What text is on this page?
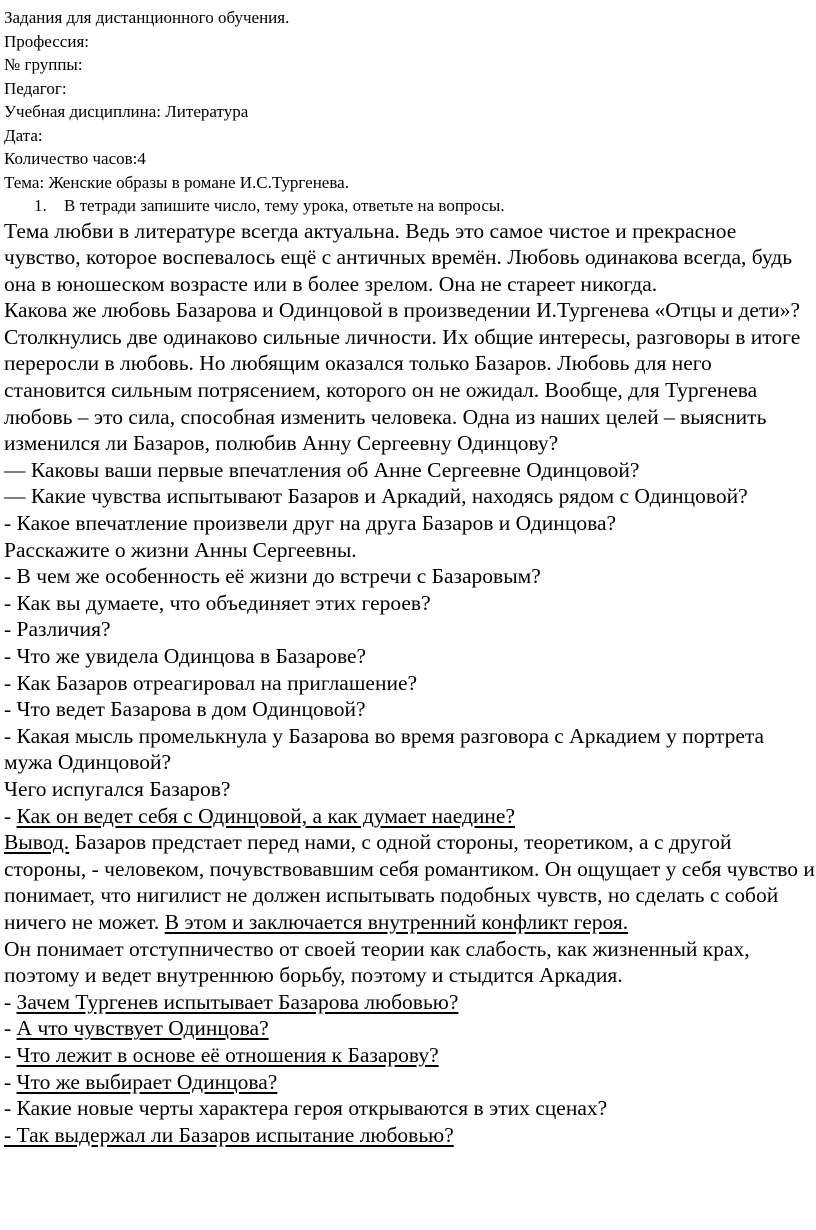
Задания для дистанционного обучения.
Профессия:
№ группы:
Педагог:
Учебная дисциплина: Литература
Дата:
Количество часов:4
Тема: Женские образы в романе И.С.Тургенева.
1. В тетради запишите число, тему урока, ответьте на вопросы.

Тема любви в литературе всегда актуальна. Ведь это самое чистое и прекрасное чувство, которое воспевалось ещё с античных времён. Любовь одинакова всегда, будь она в юношеском возрасте или в более зрелом. Она не стареет никогда.

Какова же любовь Базарова и Одинцовой в произведении И.Тургенева «Отцы и дети»?

Столкнулись две одинаково сильные личности. Их общие интересы, разговоры в итоге переросли в любовь. Но любящим оказался только Базаров. Любовь для него становится сильным потрясением, которого он не ожидал. Вообще, для Тургенева любовь – это сила, способная изменить человека. Одна из наших целей – выяснить изменился ли Базаров, полюбив Анну Сергеевну Одинцову?

— Каковы ваши первые впечатления об Анне Сергеевне Одинцовой?

— Какие чувства испытывают Базаров и Аркадий, находясь рядом с Одинцовой?

- Какое впечатление произвели друг на друга Базаров и Одинцова?

Расскажите о жизни Анны Сергеевны.

- В чем же особенность её жизни до встречи с Базаровым?

- Как вы думаете, что объединяет этих героев?

- Различия?

- Что же увидела Одинцова в Базарове?

- Как Базаров отреагировал на приглашение?

- Что ведет Базарова в дом Одинцовой?

- Какая мысль промелькнула у Базарова во время разговора с Аркадием у портрета мужа Одинцовой?

Чего испугался Базаров?

- Как он ведет себя с Одинцовой, а как думает наедине?

Вывод. Базаров предстает перед нами, с одной стороны, теоретиком, а с другой стороны, - человеком, почувствовавшим себя романтиком. Он ощущает у себя чувство и понимает, что нигилист не должен испытывать подобных чувств, но сделать с собой ничего не может. В этом и заключается внутренний конфликт героя.

Он понимает отступничество от своей теории как слабость, как жизненный крах, поэтому и ведет внутреннюю борьбу, поэтому и стыдится Аркадия.

- Зачем Тургенев испытывает Базарова любовью?

- А что чувствует Одинцова?

- Что лежит в основе её отношения к Базарову?

- Что же выбирает Одинцова?

- Какие новые черты характера героя открываются в этих сценах?

- Так выдержал ли Базаров испытание любовью?
